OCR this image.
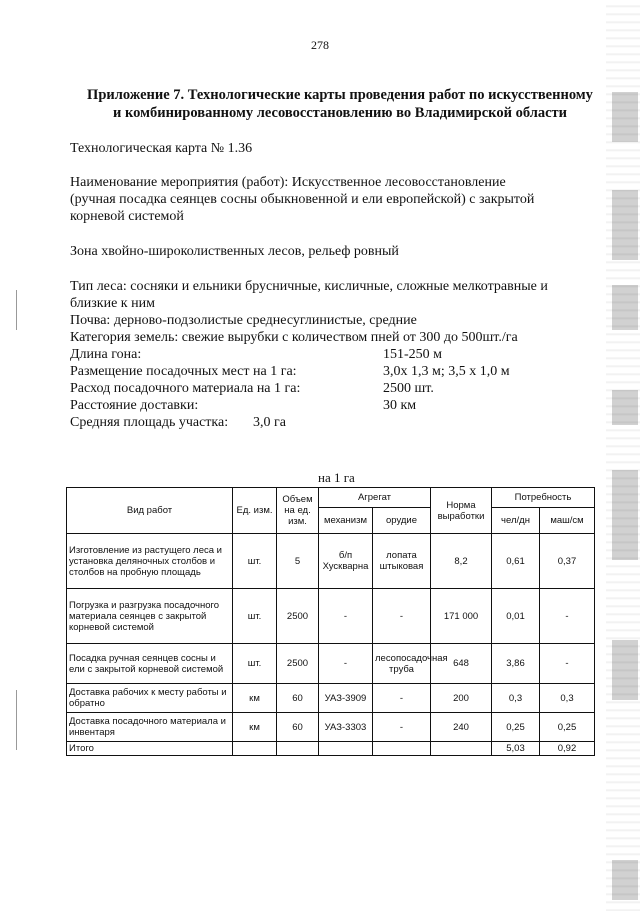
278
Приложение 7. Технологические карты проведения работ по искусственному
и комбинированному лесовосстановлению во Владимирской области
Технологическая карта № 1.36
Наименование мероприятия (работ): Искусственное лесовосстановление
(ручная посадка сеянцев сосны обыкновенной и ели европейской) с закрытой
корневой системой
Зона хвойно-широколиственных лесов, рельеф ровный
Тип леса: сосняки и ельники брусничные, кисличные, сложные мелкотравные и
близкие к ним
Почва: дерново-подзолистые среднесуглинистые, средние
Категория земель: свежие вырубки с количеством пней от 300 до 500шт./га
Длина гона:	151-250 м
Размещение посадочных мест на 1 га:	3,0х 1,3 м; 3,5 х 1,0 м
Расход посадочного материала на 1 га:	2500 шт.
Расстояние доставки:	30 км
Средняя площадь участка: 3,0 га
на 1 га
Вид работ	Ед. изм.	Объем на ед. изм.	Агрегат		Норма выработки	Потребность	
			механизм	орудие		чел/дн	маш/см
Изготовление из растущего леса и установка деляночных столбов и столбов на пробную площадь	шт.	5	б/п Хускварна	лопата штыковая	8,2	0,61	0,37
Погрузка и разгрузка посадочного материала сеянцев с закрытой корневой системой	шт.	2500	-	-	171 000	0,01	-
Посадка ручная сеянцев сосны и ели с закрытой корневой системой	шт.	2500	-	лесопосадочная труба	648	3,86	-
Доставка рабочих к месту работы и обратно	км	60	УАЗ-3909	-	200	0,3	0,3
Доставка посадочного материала и инвентаря	км	60	УАЗ-3303	-	240	0,25	0,25
Итого						5,03	0,92
